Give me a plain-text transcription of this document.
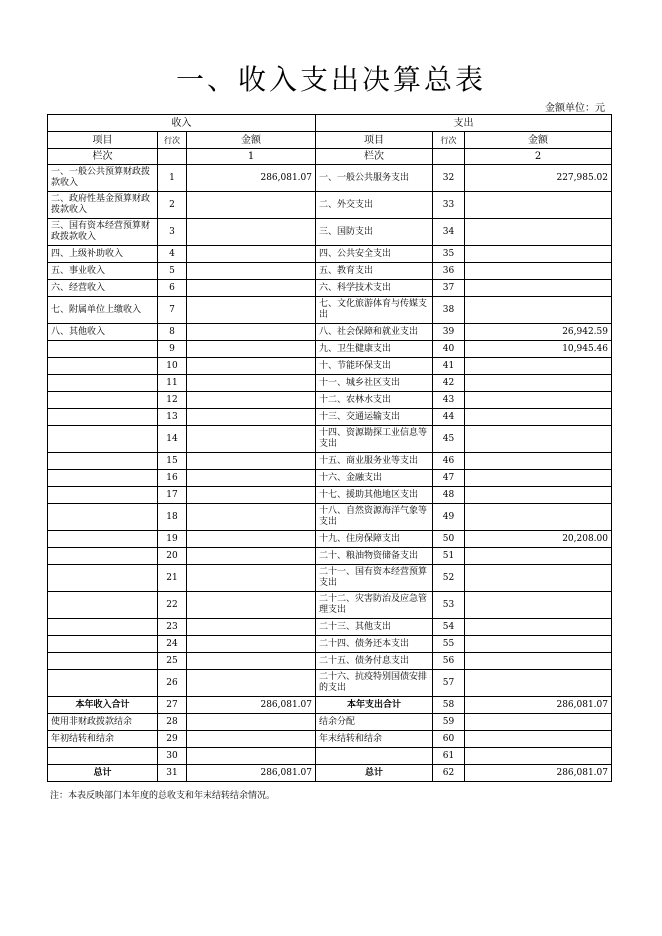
一、收入支出决算总表
金额单位：元
收入			支出		
项目	行次	金额	项目	行次	金额
栏次		1	栏次		2
一、一般公共预算财政拨款收入	1	286,081.07	一、一般公共服务支出	32	227,985.02
二、政府性基金预算财政拨款收入	2		二、外交支出	33	
三、国有资本经营预算财政拨款收入	3		三、国防支出	34	
四、上级补助收入	4		四、公共安全支出	35	
五、事业收入	5		五、教育支出	36	
六、经营收入	6		六、科学技术支出	37	
七、附属单位上缴收入	7		七、文化旅游体育与传媒支出	38	
八、其他收入	8		八、社会保障和就业支出	39	26,942.59
	9		九、卫生健康支出	40	10,945.46
	10		十、节能环保支出	41	
	11		十一、城乡社区支出	42	
	12		十二、农林水支出	43	
	13		十三、交通运输支出	44	
	14		十四、资源勘探工业信息等支出	45	
	15		十五、商业服务业等支出	46	
	16		十六、金融支出	47	
	17		十七、援助其他地区支出	48	
	18		十八、自然资源海洋气象等支出	49	
	19		十九、住房保障支出	50	20,208.00
	20		二十、粮油物资储备支出	51	
	21		二十一、国有资本经营预算支出	52	
	22		二十二、灾害防治及应急管理支出	53	
	23		二十三、其他支出	54	
	24		二十四、债务还本支出	55	
	25		二十五、债务付息支出	56	
	26		二十六、抗疫特别国债安排的支出	57	
本年收入合计	27	286,081.07	本年支出合计	58	286,081.07
使用非财政拨款结余	28		结余分配	59	
年初结转和结余	29		年末结转和结余	60	
	30			61	
总计	31	286,081.07	总计	62	286,081.07
注：本表反映部门本年度的总收支和年末结转结余情况。
